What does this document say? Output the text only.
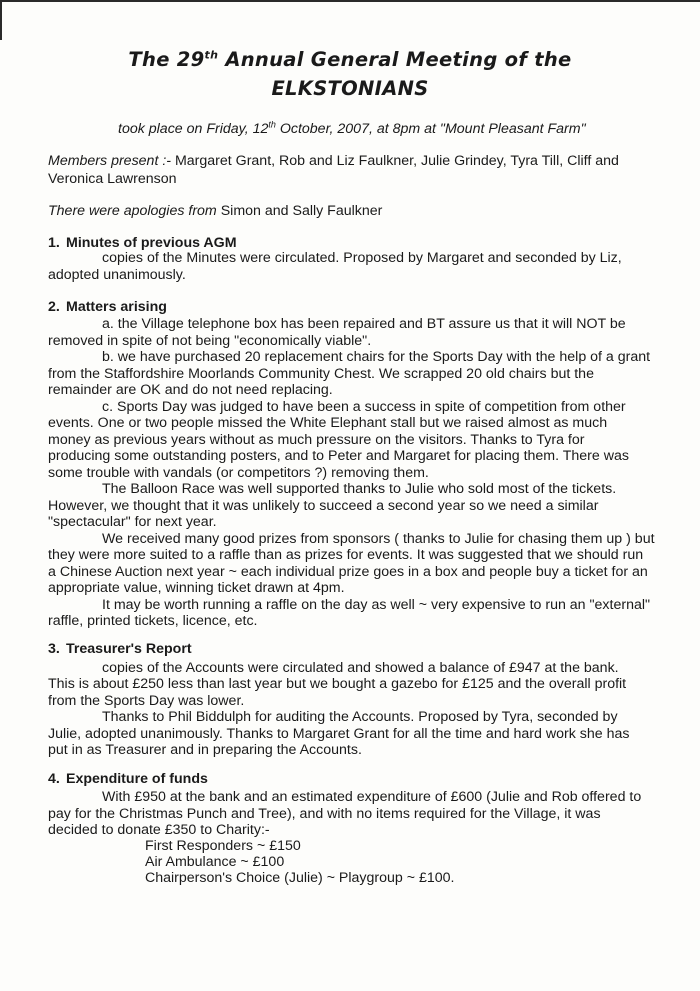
The 29th Annual General Meeting of the
ELKSTONIANS
took place on Friday, 12th October, 2007, at 8pm at "Mount Pleasant Farm"
Members present :- Margaret Grant, Rob and Liz Faulkner, Julie Grindey, Tyra Till, Cliff and
Veronica Lawrenson
There were apologies from Simon and Sally Faulkner
1. Minutes of previous AGM
copies of the Minutes were circulated. Proposed by Margaret and seconded by Liz,
adopted unanimously.
2. Matters arising
a. the Village telephone box has been repaired and BT assure us that it will NOT be
removed in spite of not being "economically viable".
b. we have purchased 20 replacement chairs for the Sports Day with the help of a grant
from the Staffordshire Moorlands Community Chest. We scrapped 20 old chairs but the
remainder are OK and do not need replacing.
c. Sports Day was judged to have been a success in spite of competition from other
events. One or two people missed the White Elephant stall but we raised almost as much
money as previous years without as much pressure on the visitors. Thanks to Tyra for
producing some outstanding posters, and to Peter and Margaret for placing them. There was
some trouble with vandals (or competitors ?) removing them.
The Balloon Race was well supported thanks to Julie who sold most of the tickets.
However, we thought that it was unlikely to succeed a second year so we need a similar
"spectacular" for next year.
We received many good prizes from sponsors ( thanks to Julie for chasing them up ) but
they were more suited to a raffle than as prizes for events. It was suggested that we should run
a Chinese Auction next year ~ each individual prize goes in a box and people buy a ticket for an
appropriate value, winning ticket drawn at 4pm.
It may be worth running a raffle on the day as well ~ very expensive to run an "external"
raffle, printed tickets, licence, etc.
3. Treasurer's Report
copies of the Accounts were circulated and showed a balance of £947 at the bank.
This is about £250 less than last year but we bought a gazebo for £125 and the overall profit
from the Sports Day was lower.
Thanks to Phil Biddulph for auditing the Accounts. Proposed by Tyra, seconded by
Julie, adopted unanimously. Thanks to Margaret Grant for all the time and hard work she has
put in as Treasurer and in preparing the Accounts.
4. Expenditure of funds
With £950 at the bank and an estimated expenditure of £600 (Julie and Rob offered to
pay for the Christmas Punch and Tree), and with no items required for the Village, it was
decided to donate £350 to Charity:-
First Responders ~ £150
Air Ambulance ~ £100
Chairperson's Choice (Julie) ~ Playgroup ~ £100.
